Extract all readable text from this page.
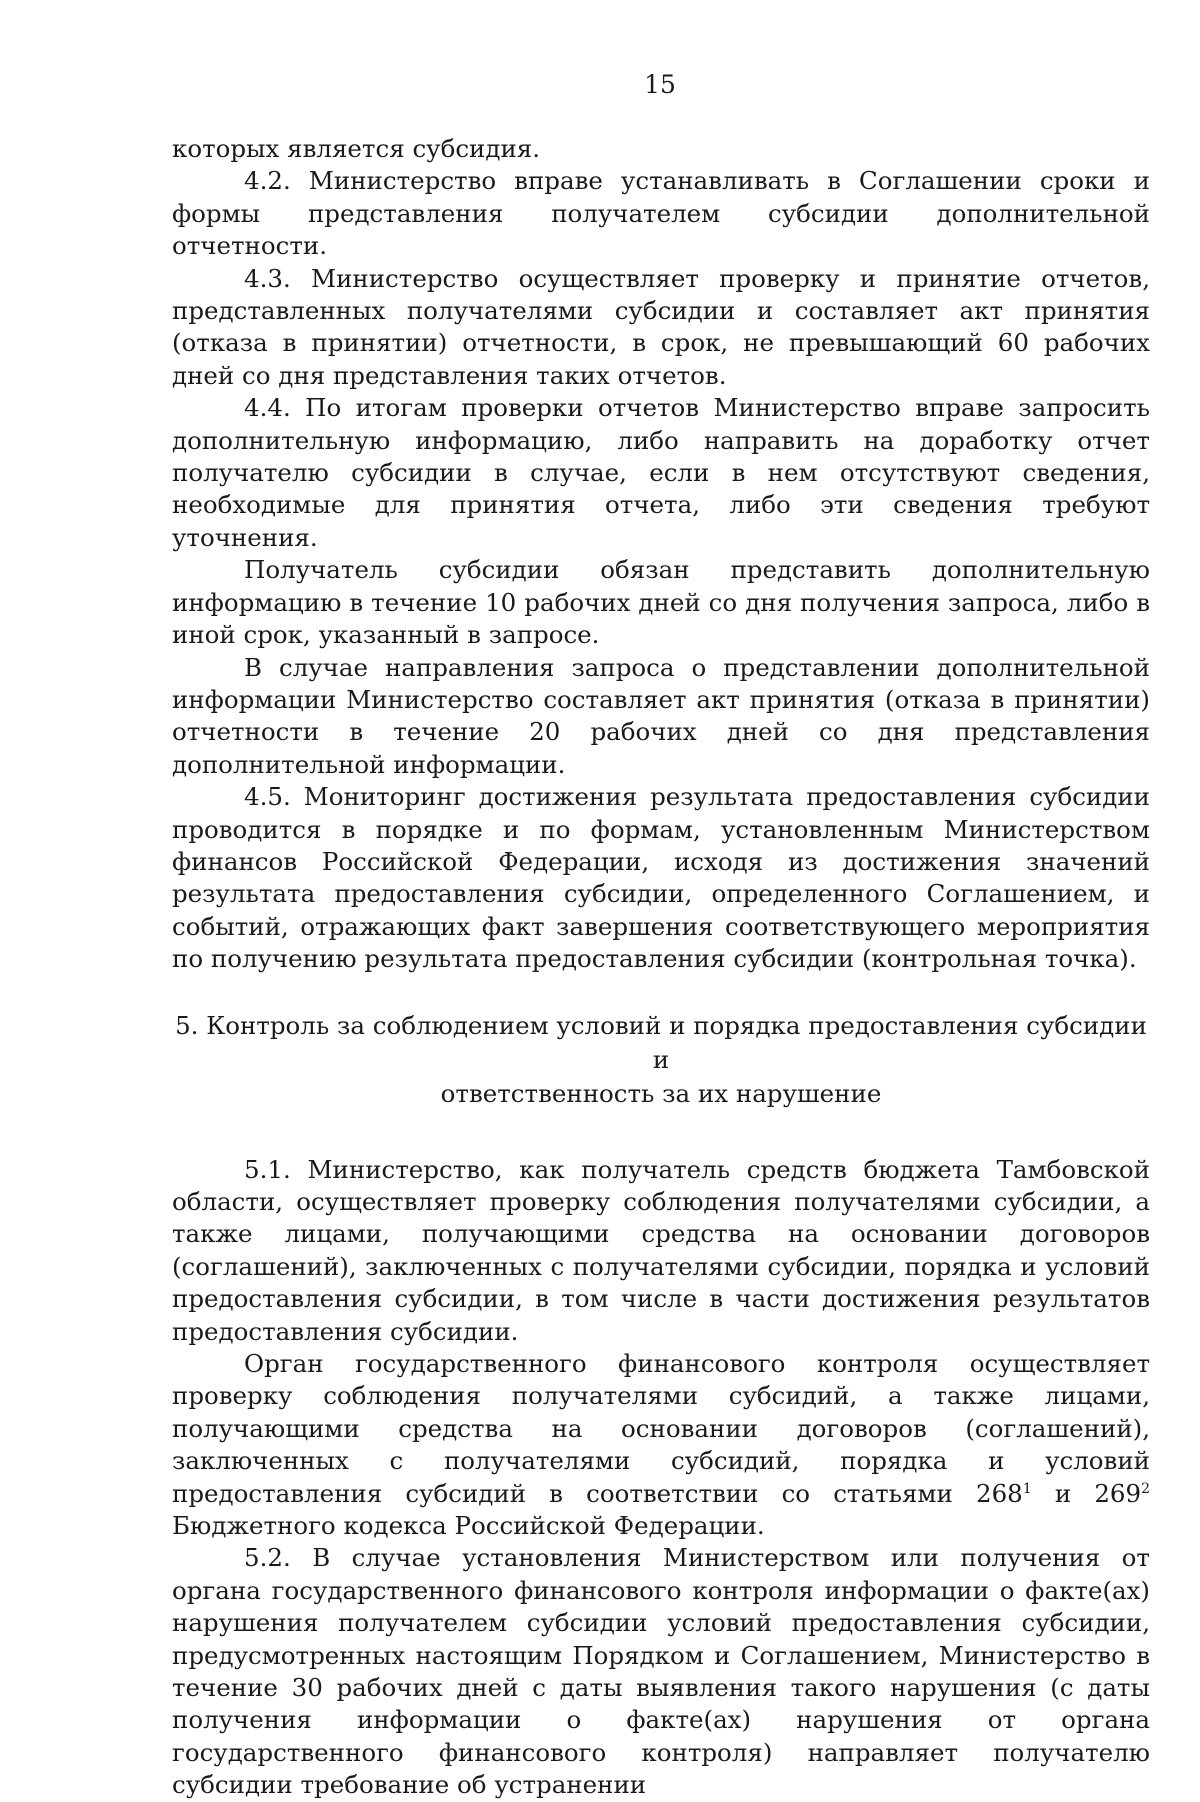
15

которых является субсидия.

4.2. Министерство вправе устанавливать в Соглашении сроки и формы представления получателем субсидии дополнительной отчетности.

4.3. Министерство осуществляет проверку и принятие отчетов, представленных получателями субсидии и составляет акт принятия (отказа в принятии) отчетности, в срок, не превышающий 60 рабочих дней со дня представления таких отчетов.

4.4. По итогам проверки отчетов Министерство вправе запросить дополнительную информацию, либо направить на доработку отчет получателю субсидии в случае, если в нем отсутствуют сведения, необходимые для принятия отчета, либо эти сведения требуют уточнения.

Получатель субсидии обязан представить дополнительную информацию в течение 10 рабочих дней со дня получения запроса, либо в иной срок, указанный в запросе.

В случае направления запроса о представлении дополнительной информации Министерство составляет акт принятия (отказа в принятии) отчетности в течение 20 рабочих дней со дня представления дополнительной информации.

4.5. Мониторинг достижения результата предоставления субсидии проводится в порядке и по формам, установленным Министерством финансов Российской Федерации, исходя из достижения значений результата предоставления субсидии, определенного Соглашением, и событий, отражающих факт завершения соответствующего мероприятия по получению результата предоставления субсидии (контрольная точка).

5. Контроль за соблюдением условий и порядка предоставления субсидии и
ответственность за их нарушение

5.1. Министерство, как получатель средств бюджета Тамбовской области, осуществляет проверку соблюдения получателями субсидии, а также лицами, получающими средства на основании договоров (соглашений), заключенных с получателями субсидии, порядка и условий предоставления субсидии, в том числе в части достижения результатов предоставления субсидии.

Орган государственного финансового контроля осуществляет проверку соблюдения получателями субсидий, а также лицами, получающими средства на основании договоров (соглашений), заключенных с получателями субсидий, порядка и условий предоставления субсидий в соответствии со статьями $268^1$ и $269^2$ Бюджетного кодекса Российской Федерации.

5.2. В случае установления Министерством или получения от органа государственного финансового контроля информации о факте(ах) нарушения получателем субсидии условий предоставления субсидии, предусмотренных настоящим Порядком и Соглашением, Министерство в течение 30 рабочих дней с даты выявления такого нарушения (с даты получения информации о факте(ах) нарушения от органа государственного финансового контроля) направляет получателю субсидии требование об устранении
